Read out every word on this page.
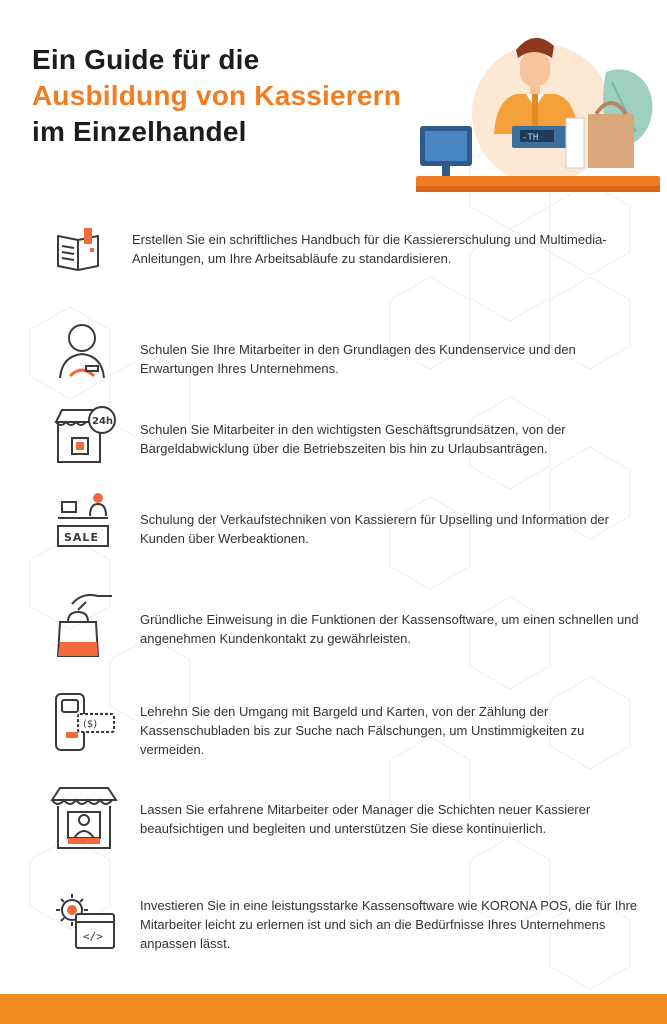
Ein Guide für die
Ausbildung von Kassierern
im Einzelhandel	-TH

Erstellen Sie ein schriftliches Handbuch für die Kassiererschulung und Multimedia-Anleitungen, um Ihre Arbeitsabläufe zu standardisieren.

Schulen Sie Ihre Mitarbeiter in den Grundlagen des Kundenservice und den Erwartungen Ihres Unternehmens.

24h

Schulen Sie Mitarbeiter in den wichtigsten Geschäftsgrundsätzen, von der Bargeldabwicklung über die Betriebszeiten bis hin zu Urlaubsanträgen.

SALE

Schulung der Verkaufstechniken von Kassierern für Upselling und Information der Kunden über Werbeaktionen.

Gründliche Einweisung in die Funktionen der Kassensoftware, um einen schnellen und angenehmen Kundenkontakt zu gewährleisten.

($)

Lehrehn Sie den Umgang mit Bargeld und Karten, von der Zählung der Kassenschubladen bis zur Suche nach Fälschungen, um Unstimmigkeiten zu vermeiden.

Lassen Sie erfahrene Mitarbeiter oder Manager die Schichten neuer Kassierer beaufsichtigen und begleiten und unterstützen Sie diese kontinuierlich.

</>

Investieren Sie in eine leistungsstarke Kassensoftware wie KORONA POS, die für Ihre Mitarbeiter leicht zu erlernen ist und sich an die Bedürfnisse Ihres Unternehmens anpassen lässt.
